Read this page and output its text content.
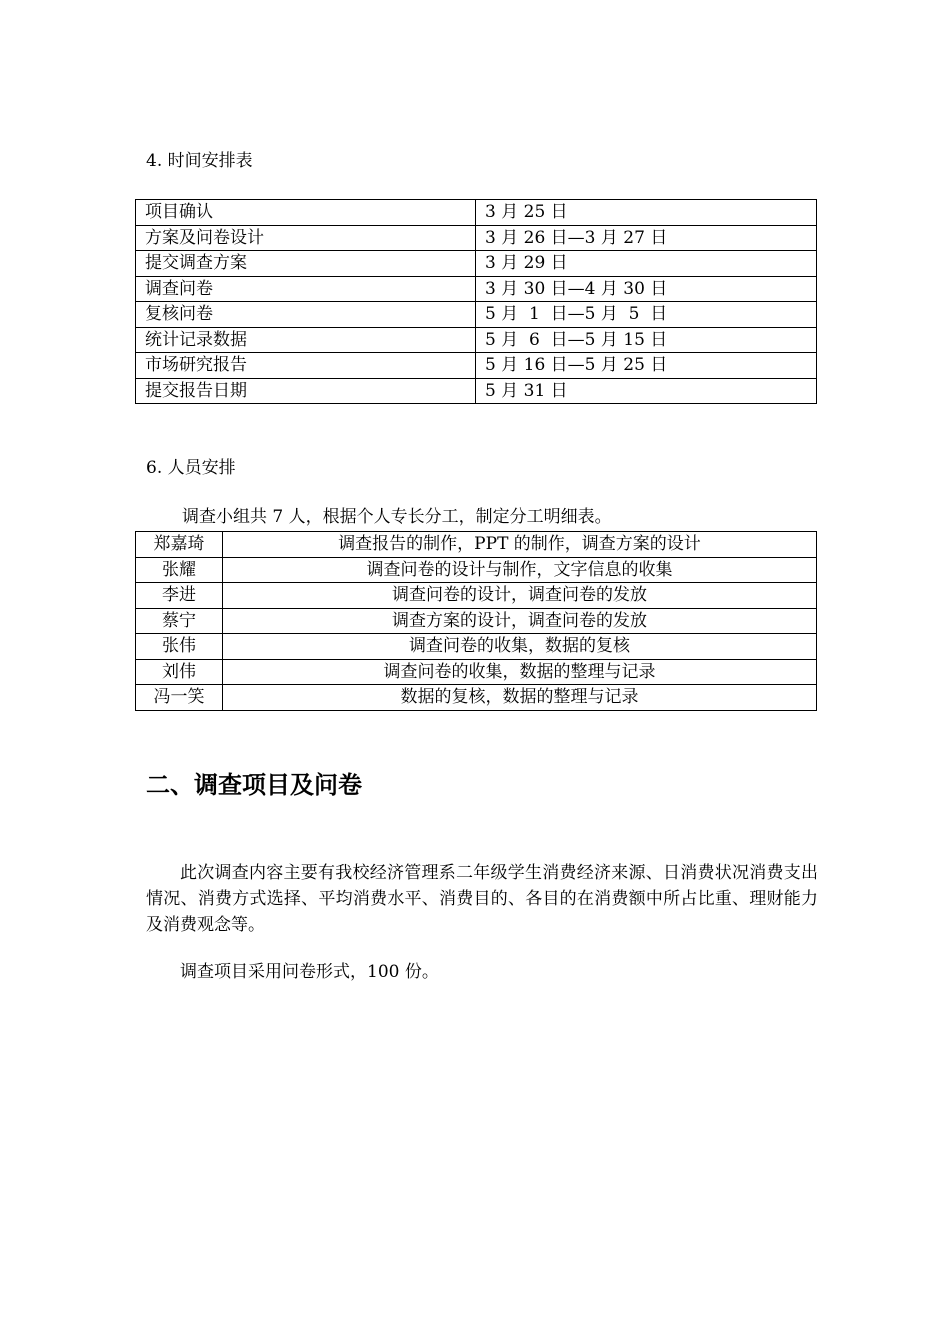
4. 时间安排表
项目确认	3 月 25 日
方案及问卷设计	3 月 26 日—3 月 27 日
提交调查方案	3 月 29 日
调查问卷	3 月 30 日—4 月 30 日
复核问卷	5 月  1  日—5 月  5  日
统计记录数据	5 月  6  日—5 月 15 日
市场研究报告	5 月 16 日—5 月 25 日
提交报告日期	5 月 31 日
6. 人员安排
调查小组共 7 人，根据个人专长分工，制定分工明细表。
郑嘉琦	调查报告的制作，PPT 的制作，调查方案的设计
张耀	调查问卷的设计与制作，文字信息的收集
李进	调查问卷的设计，调查问卷的发放
蔡宁	调查方案的设计，调查问卷的发放
张伟	调查问卷的收集，数据的复核
刘伟	调查问卷的收集，数据的整理与记录
冯一笑	数据的复核，数据的整理与记录
二、调查项目及问卷
此次调查内容主要有我校经济管理系二年级学生消费经济来源、日消费状况消费支出情况、消费方式选择、平均消费水平、消费目的、各目的在消费额中所占比重、理财能力及消费观念等。
调查项目采用问卷形式，100 份。
